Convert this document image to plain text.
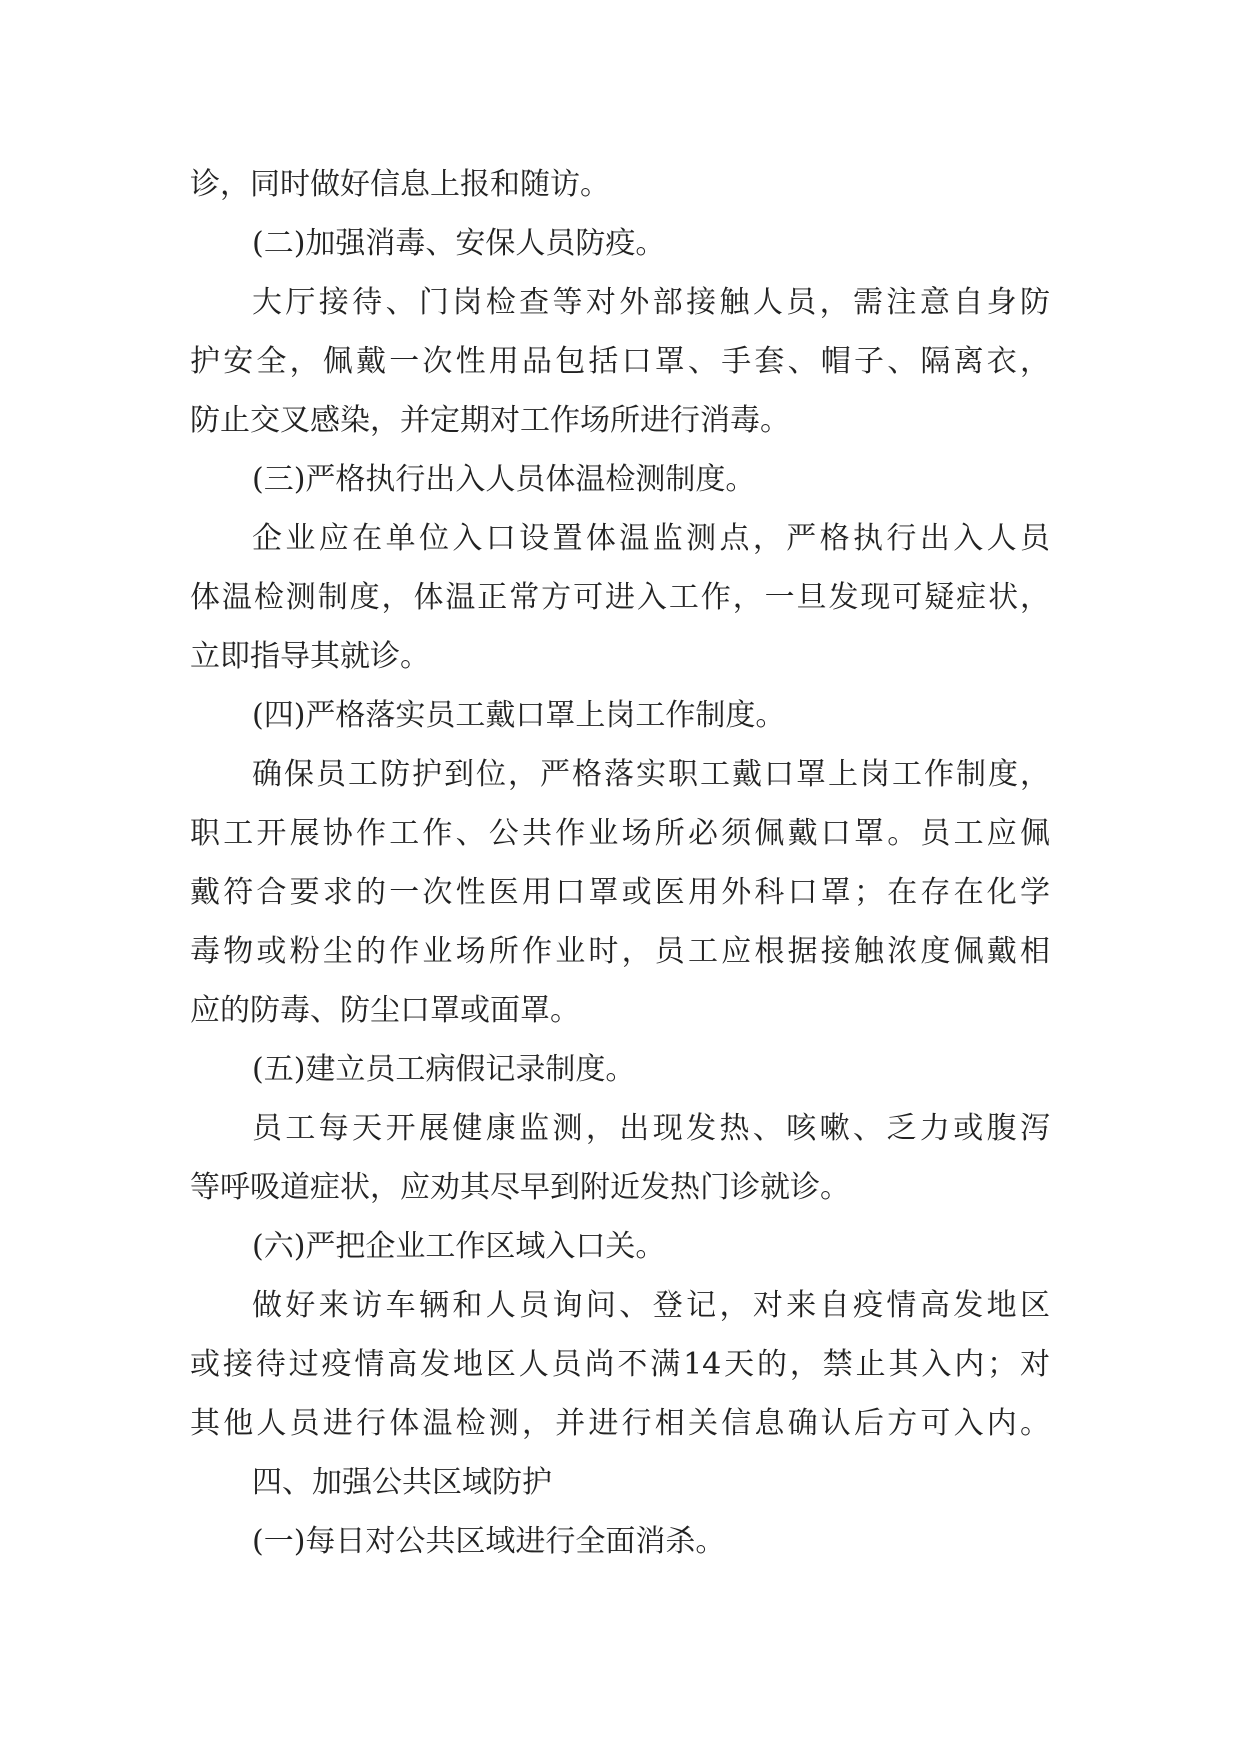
诊，同时做好信息上报和随访。
(二)加强消毒、安保人员防疫。
大厅接待、门岗检查等对外部接触人员，需注意自身防
护安全，佩戴一次性用品包括口罩、手套、帽子、隔离衣，
防止交叉感染，并定期对工作场所进行消毒。
(三)严格执行出入人员体温检测制度。
企业应在单位入口设置体温监测点，严格执行出入人员
体温检测制度，体温正常方可进入工作，一旦发现可疑症状，
立即指导其就诊。
(四)严格落实员工戴口罩上岗工作制度。
确保员工防护到位，严格落实职工戴口罩上岗工作制度，
职工开展协作工作、公共作业场所必须佩戴口罩。员工应佩
戴符合要求的一次性医用口罩或医用外科口罩；在存在化学
毒物或粉尘的作业场所作业时，员工应根据接触浓度佩戴相
应的防毒、防尘口罩或面罩。
(五)建立员工病假记录制度。
员工每天开展健康监测，出现发热、咳嗽、乏力或腹泻
等呼吸道症状，应劝其尽早到附近发热门诊就诊。
(六)严把企业工作区域入口关。
做好来访车辆和人员询问、登记，对来自疫情高发地区
或接待过疫情高发地区人员尚不满14天的，禁止其入内；对
其他人员进行体温检测，并进行相关信息确认后方可入内。
四、加强公共区域防护
(一)每日对公共区域进行全面消杀。
